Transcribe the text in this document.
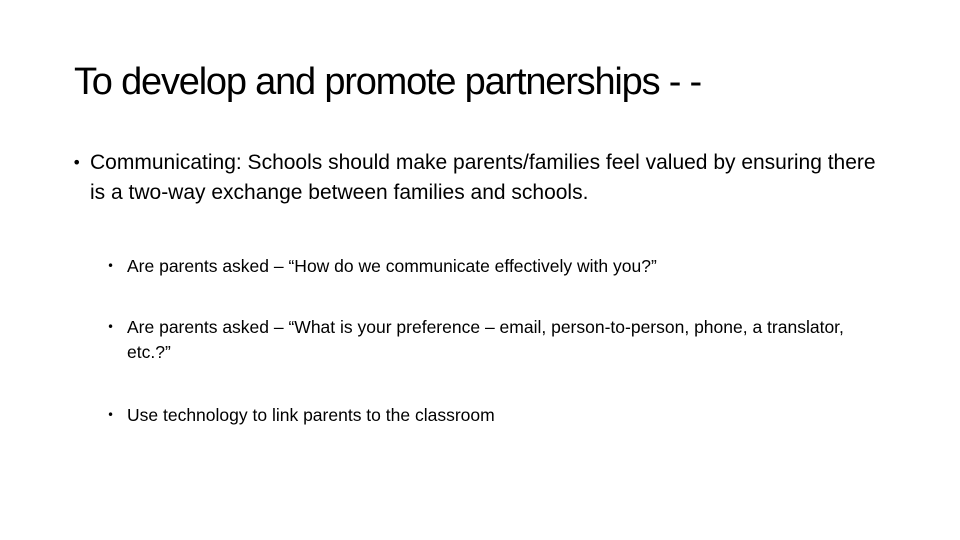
To develop and promote partnerships - -
• Communicating: Schools should make parents/families feel valued by ensuring there is a two-way exchange between families and schools.
• Are parents asked – “How do we communicate effectively with you?”
• Are parents asked – “What is your preference – email, person-to-person, phone, a translator, etc.?”
• Use technology to link parents to the classroom
